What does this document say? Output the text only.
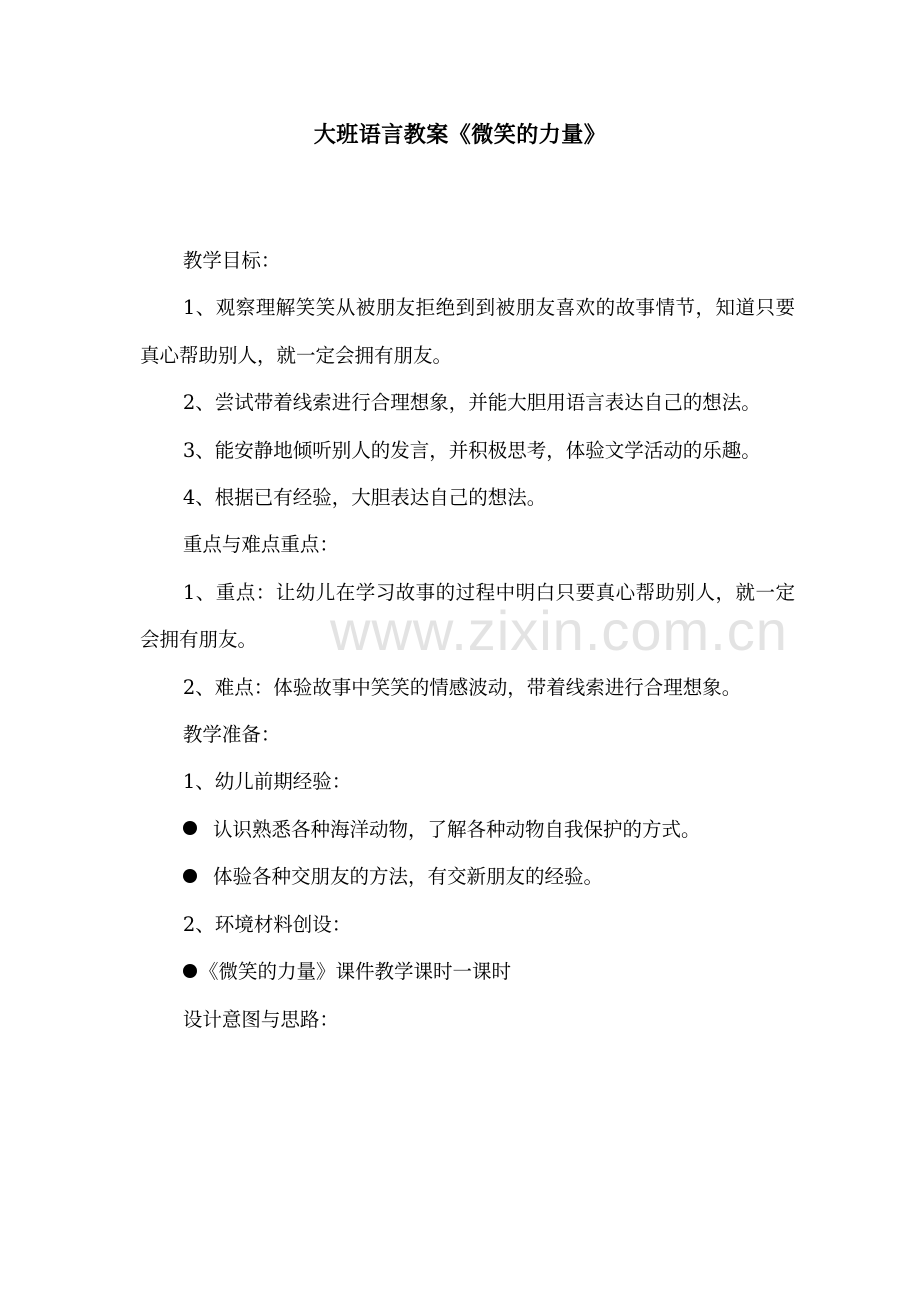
www.zixin.com.cn
大班语言教案《微笑的力量》

教学目标：

1、观察理解笑笑从被朋友拒绝到到被朋友喜欢的故事情节，知道只要真心帮助别人，就一定会拥有朋友。

2、尝试带着线索进行合理想象，并能大胆用语言表达自己的想法。

3、能安静地倾听别人的发言，并积极思考，体验文学活动的乐趣。

4、根据已有经验，大胆表达自己的想法。

重点与难点重点：

1、重点：让幼儿在学习故事的过程中明白只要真心帮助别人，就一定会拥有朋友。

2、难点：体验故事中笑笑的情感波动，带着线索进行合理想象。

教学准备：

1、幼儿前期经验：

认识熟悉各种海洋动物，了解各种动物自我保护的方式。
体验各种交朋友的方法，有交新朋友的经验。

2、环境材料创设：

《微笑的力量》课件教学课时一课时

设计意图与思路：
